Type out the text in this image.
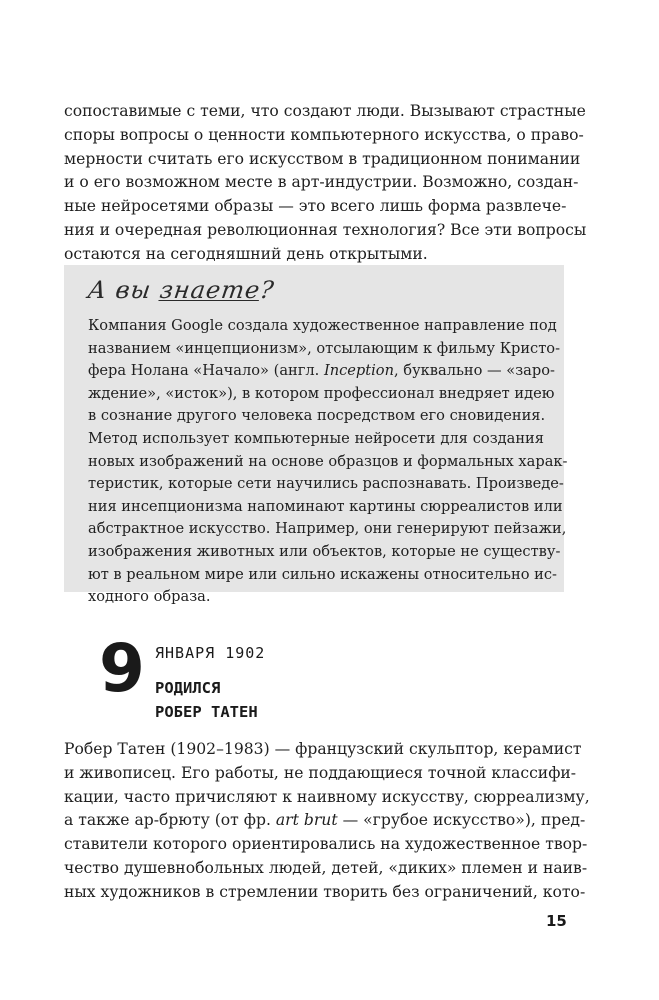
сопоставимые с теми, что создают люди. Вызывают страстные
споры вопросы о ценности компьютерного искусства, о право-
мерности считать его искусством в традиционном понимании
и о его возможном месте в арт-индустрии. Возможно, создан-
ные нейросетями образы — это всего лишь форма развлече-
ния и очередная революционная технология? Все эти вопросы
остаются на сегодняшний день открытыми.
А вы знаете?
Компания Google создала художественное направление под
названием «инцепционизм», отсылающим к фильму Кристо-
фера Нолана «Начало» (англ. Inception, буквально — «заро-
ждение», «исток»), в котором профессионал внедряет идею
в сознание другого человека посредством его сновидения.
Метод использует компьютерные нейросети для создания
новых изображений на основе образцов и формальных харак-
теристик, которые сети научились распознавать. Произведе-
ния инсепционизма напоминают картины сюрреалистов или
абстрактное искусство. Например, они генерируют пейзажи,
изображения животных или объектов, которые не существу-
ют в реальном мире или сильно искажены относительно ис-
ходного образа.
9 ЯНВАРЯ 1902
РОДИЛСЯ
РОБЕР ТАТЕН
Робер Татен (1902–1983) — французский скульптор, керамист
и живописец. Его работы, не поддающиеся точной классифи-
кации, часто причисляют к наивному искусству, сюрреализму,
а также ар-брюту (от фр. art brut — «грубое искусство»), пред-
ставители которого ориентировались на художественное твор-
чество душевнобольных людей, детей, «диких» племен и наив-
ных художников в стремлении творить без ограничений, кото-
15
